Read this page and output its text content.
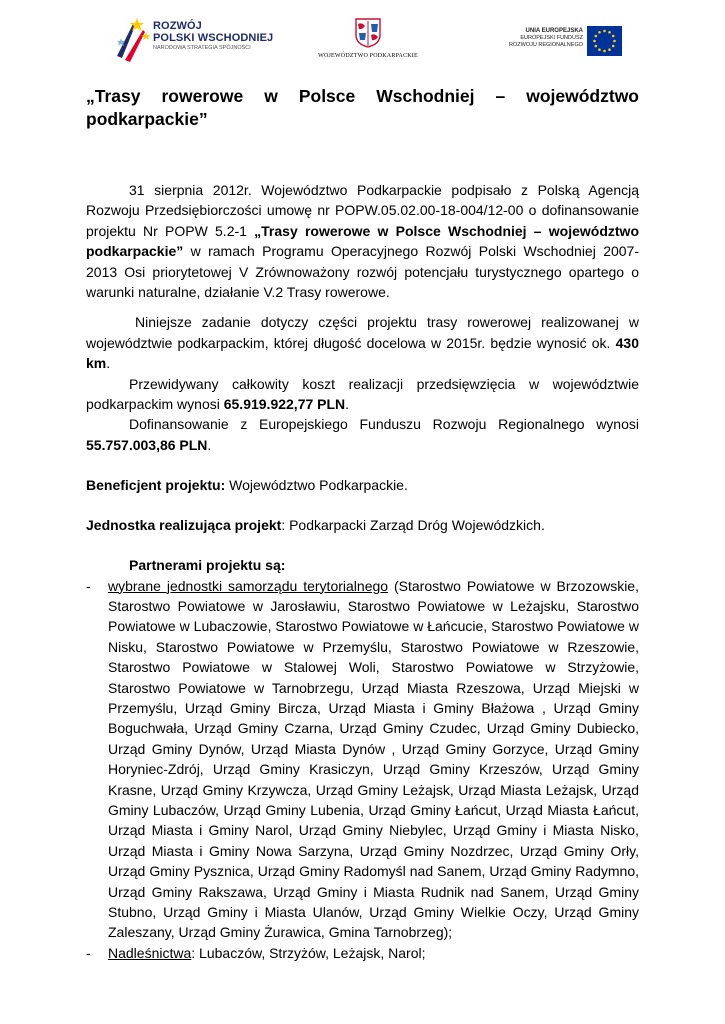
ROZWÓJ
POLSKI WSCHODNIEJ
NARODOWA STRATEGIA SPÓJNOŚCI
WOJEWÓDZTWO PODKARPACKIE
UNIA EUROPEJSKA
EUROPEJSKI FUNDUSZ
ROZWOJU REGIONALNEGO
„Trasy rowerowe w Polsce Wschodniej – województwo podkarpackie”

31 sierpnia 2012r. Województwo Podkarpackie podpisało z Polską Agencją Rozwoju Przedsiębiorczości umowę nr POPW.05.02.00-18-004/12-00 o dofinansowanie projektu Nr POPW 5.2-1 „Trasy rowerowe w Polsce Wschodniej – województwo podkarpackie” w ramach Programu Operacyjnego Rozwój Polski Wschodniej 2007-2013 Osi priorytetowej V Zrównoważony rozwój potencjału turystycznego opartego o warunki naturalne, działanie V.2 Trasy rowerowe.

Niniejsze zadanie dotyczy części projektu trasy rowerowej realizowanej w województwie podkarpackim, której długość docelowa w 2015r. będzie wynosić ok. 430 km.

Przewidywany całkowity koszt realizacji przedsięwzięcia w województwie podkarpackim wynosi 65.919.922,77 PLN.

Dofinansowanie z Europejskiego Funduszu Rozwoju Regionalnego wynosi 55.757.003,86 PLN.

Beneficjent projektu: Województwo Podkarpackie.

Jednostka realizująca projekt: Podkarpacki Zarząd Dróg Wojewódzkich.

Partnerami projektu są:

- wybrane jednostki samorządu terytorialnego (Starostwo Powiatowe w Brzozowskie, Starostwo Powiatowe w Jarosławiu, Starostwo Powiatowe w Leżajsku, Starostwo Powiatowe w Lubaczowie, Starostwo Powiatowe w Łańcucie, Starostwo Powiatowe w Nisku, Starostwo Powiatowe w Przemyślu, Starostwo Powiatowe w Rzeszowie, Starostwo Powiatowe w Stalowej Woli, Starostwo Powiatowe w Strzyżowie, Starostwo Powiatowe w Tarnobrzegu, Urząd Miasta Rzeszowa, Urząd Miejski w Przemyślu, Urząd Gminy Bircza, Urząd Miasta i Gminy Błażowa , Urząd Gminy Boguchwała, Urząd Gminy Czarna, Urząd Gminy Czudec, Urząd Gminy Dubiecko, Urząd Gminy Dynów, Urząd Miasta Dynów , Urząd Gminy Gorzyce, Urząd Gminy Horyniec-Zdrój, Urząd Gminy Krasiczyn, Urząd Gminy Krzeszów, Urząd Gminy Krasne, Urząd Gminy Krzywcza, Urząd Gminy Leżajsk, Urząd Miasta Leżajsk, Urząd Gminy Lubaczów, Urząd Gminy Lubenia, Urząd Gminy Łańcut, Urząd Miasta Łańcut, Urząd Miasta i Gminy Narol, Urząd Gminy Niebylec, Urząd Gminy i Miasta Nisko, Urząd Miasta i Gminy Nowa Sarzyna, Urząd Gminy Nozdrzec, Urząd Gminy Orły, Urząd Gminy Pysznica, Urząd Gminy Radomyśl nad Sanem, Urząd Gminy Radymno, Urząd Gminy Rakszawa, Urząd Gminy i Miasta Rudnik nad Sanem, Urząd Gminy Stubno, Urząd Gminy i Miasta Ulanów, Urząd Gminy Wielkie Oczy, Urząd Gminy Zaleszany, Urząd Gminy Żurawica, Gmina Tarnobrzeg);
- Nadleśnictwa: Lubaczów, Strzyżów, Leżajsk, Narol;
